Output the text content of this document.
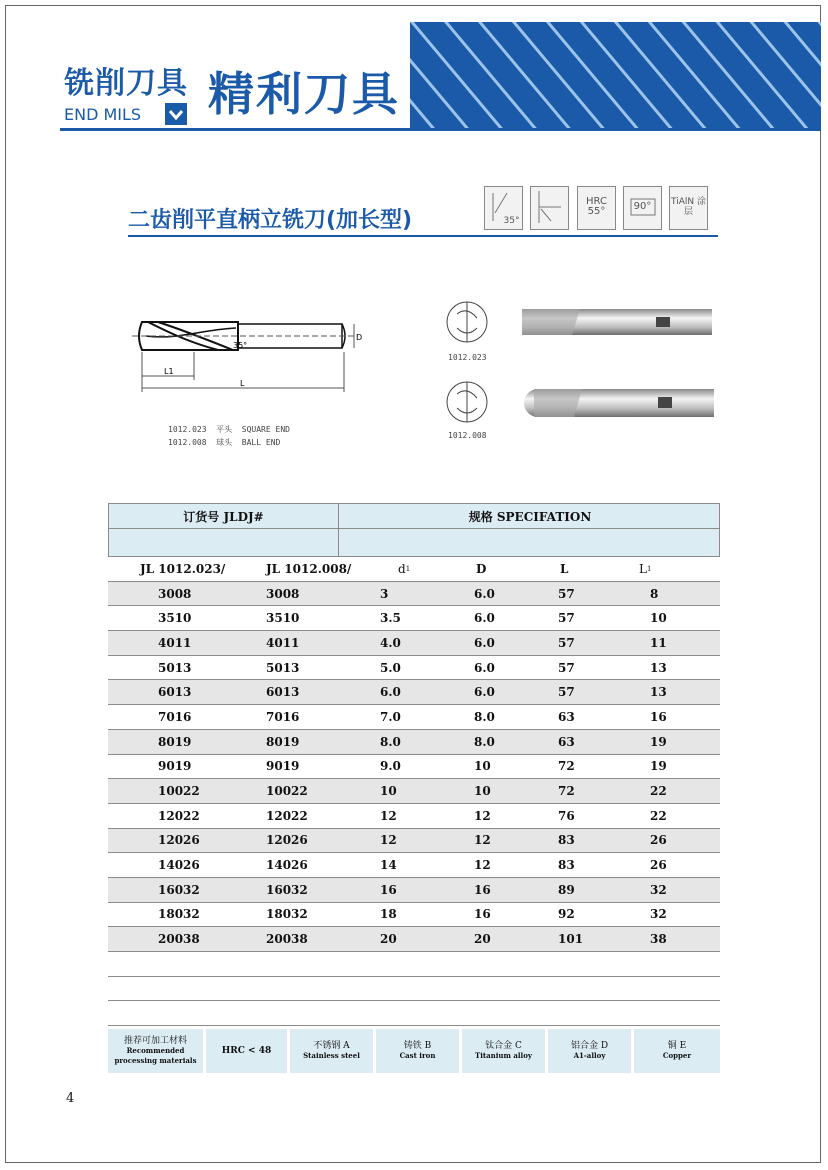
铣削刀具
END MILS 精利刀具
二齿削平直柄立铣刀(加长型)	35°
HRC 55°	90°	TiAlN 涂层
35°
D
L1
L
1012.023  平头  SQUARE END
1012.008  球头  BALL END
1012.023
1012.008
订货号 JLDJ#	规格 SPECIFATION
JL 1012.023/	JL 1012.008/	d 1	D	L	L 1
3008	3008	3	6.0	57	8
3510	3510	3.5	6.0	57	10
4011	4011	4.0	6.0	57	11
5013	5013	5.0	6.0	57	13
6013	6013	6.0	6.0	57	13
7016	7016	7.0	8.0	63	16
8019	8019	8.0	8.0	63	19
9019	9019	9.0	10	72	19
10022	10022	10	10	72	22
12022	12022	12	12	76	22
12026	12026	12	12	83	26
14026	14026	14	12	83	26
16032	16032	16	16	89	32
18032	18032	18	16	92	32
20038	20038	20	20	101	38
推荐可加工材料
Recommended processing materials
HRC < 48	不锈钢 A
Stainless steel
铸铁 B
Cast iron
钛合金 C
Titanium alloy
铝合金 D
A1-alloy
铜 E
Copper
4
